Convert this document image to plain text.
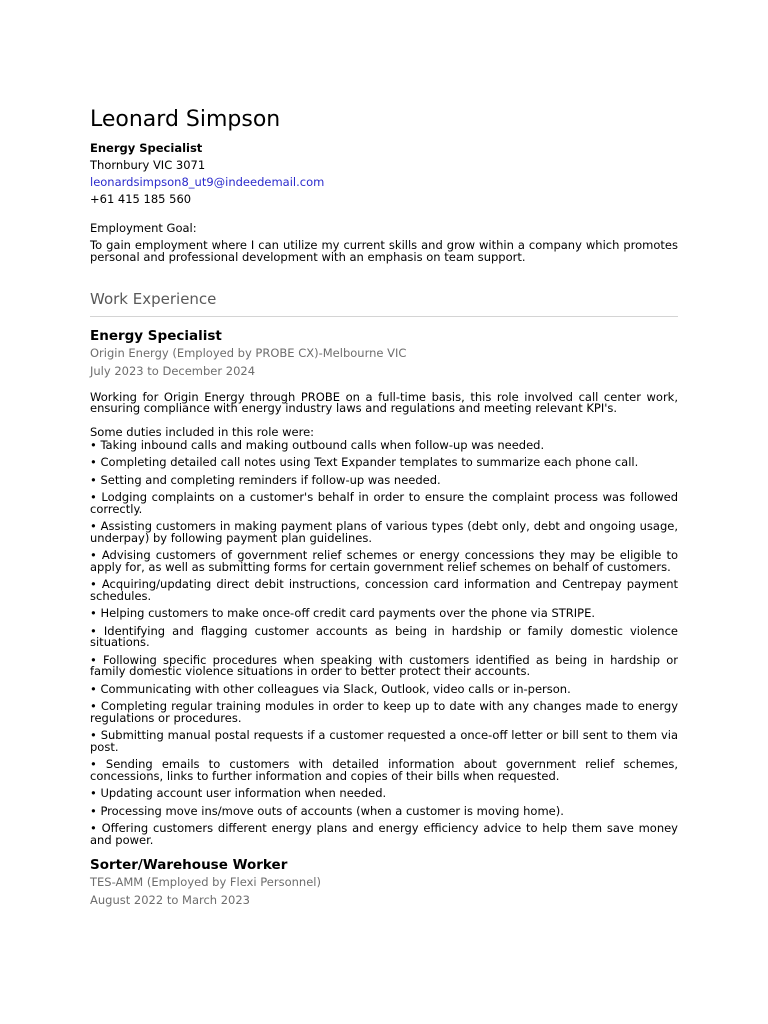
Leonard Simpson
Energy Specialist
Thornbury VIC 3071
leonardsimpson8_ut9@indeedemail.com
+61 415 185 560
Employment Goal:

To gain employment where I can utilize my current skills and grow within a company which promotes personal and professional development with an emphasis on team support.

Work Experience
Energy Specialist
Origin Energy (Employed by PROBE CX)-Melbourne VIC
July 2023 to December 2024

Working for Origin Energy through PROBE on a full-time basis, this role involved call center work, ensuring compliance with energy industry laws and regulations and meeting relevant KPI's.

Some duties included in this role were:
• Taking inbound calls and making outbound calls when follow-up was needed.
• Completing detailed call notes using Text Expander templates to summarize each phone call.
• Setting and completing reminders if follow-up was needed.
• Lodging complaints on a customer's behalf in order to ensure the complaint process was followed correctly.
• Assisting customers in making payment plans of various types (debt only, debt and ongoing usage, underpay) by following payment plan guidelines.
• Advising customers of government relief schemes or energy concessions they may be eligible to apply for, as well as submitting forms for certain government relief schemes on behalf of customers.
• Acquiring/updating direct debit instructions, concession card information and Centrepay payment schedules.
• Helping customers to make once-off credit card payments over the phone via STRIPE.
• Identifying and flagging customer accounts as being in hardship or family domestic violence situations.
• Following specific procedures when speaking with customers identified as being in hardship or family domestic violence situations in order to better protect their accounts.
• Communicating with other colleagues via Slack, Outlook, video calls or in-person.
• Completing regular training modules in order to keep up to date with any changes made to energy regulations or procedures.
• Submitting manual postal requests if a customer requested a once-off letter or bill sent to them via post.
• Sending emails to customers with detailed information about government relief schemes, concessions, links to further information and copies of their bills when requested.
• Updating account user information when needed.
• Processing move ins/move outs of accounts (when a customer is moving home).
• Offering customers different energy plans and energy efficiency advice to help them save money and power.
Sorter/Warehouse Worker
TES-AMM (Employed by Flexi Personnel)
August 2022 to March 2023
